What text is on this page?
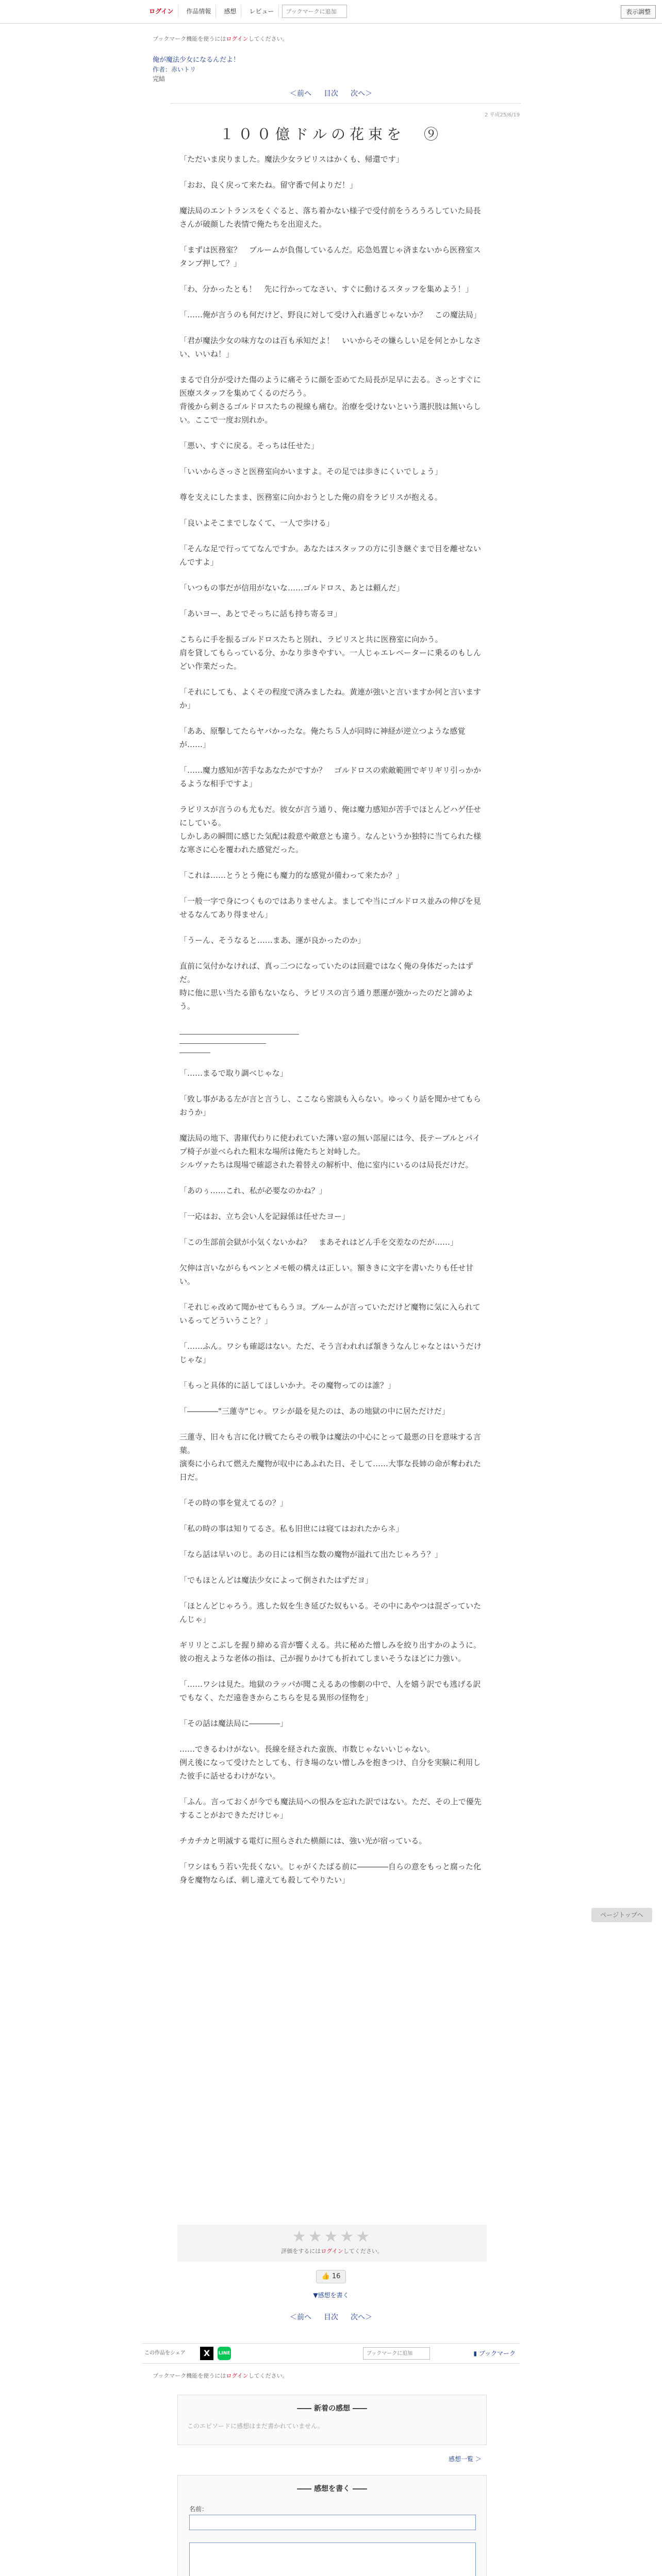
ログイン	作品情報	感想	レビュー
ブックマークに追加	表示調整
ブックマーク機能を使うにはログインしてください。
俺が魔法少女になるんだよ！
作者：赤いトリ
完結
＜前へ 目次 次へ＞
2 平成25/6/19
１００億ドルの花束を　⑨

「ただいま戻りました。魔法少女ラピリスはかくも、帰還です」

「おお、良く戻って来たね。留守番で何よりだ！」

魔法局のエントランスをくぐると、落ち着かない様子で受付前をうろうろしていた局長さんが破顔した表情で俺たちを出迎えた。

「まずは医務室？　ブルームが負傷しているんだ。応急処置じゃ済まないから医務室スタンプ押して？」

「わ、分かったとも！　先に行かってなさい、すぐに動けるスタッフを集めよう！」

「……俺が言うのも何だけど、野良に対して受け入れ過ぎじゃないか？　この魔法局」

「君が魔法少女の味方なのは百も承知だよ！　いいからその嫌らしい足を何とかしなさい、いいね！」

まるで自分が受けた傷のように痛そうに顔を歪めてた局長が足早に去る。さっとすぐに医療スタッフを集めてくるのだろう。
背後から刺さるゴルドロスたちの視線も痛む。治療を受けないという選択肢は無いらしい。ここで一度お別れか。

「悪い、すぐに戻る。そっちは任せた」

「いいからさっさと医務室向かいますよ。その足では歩きにくいでしょう」

尊を支えにしたまま、医務室に向かおうとした俺の肩をラピリスが抱える。

「良いよそこまでしなくて、一人で歩ける」

「そんな足で行っててなんですか。あなたはスタッフの方に引き継ぐまで目を離せないんですよ」

「いつもの事だが信用がないな……ゴルドロス、あとは頼んだ」

「あいヨー、あとでそっちに話も持ち寄るヨ」

こちらに手を振るゴルドロスたちと別れ、ラピリスと共に医務室に向かう。
肩を貸してもらっている分、かなり歩きやすい。一人じゃエレベーターに乗るのもしんどい作業だった。

「それにしても、よくその程度で済みましたね。黄連が強いと言いますか何と言いますか」

「ああ、原擊してたらヤバかったな。俺たち５人が同時に神経が逆立つような感覚が……」

「……魔力感知が苦手なあなたがですか？　ゴルドロスの索敵範囲でギリギリ引っかかるような相手ですよ」

ラピリスが言うのも尤もだ。彼女が言う通り、俺は魔力感知が苦手でほとんどハゲ任せにしている。
しかしあの瞬間に感じた気配は殺意や敵意とも違う。なんというか独特に当てられた様な寒さに心を覆われた感覚だった。

「これは……とうとう俺にも魔力的な感覚が備わって来たか？」

「一般一字で身につくものではありませんよ。ましてや当にゴルドロス並みの伸びを見せるなんてあり得ません」

「うーん、そうなると……まあ、運が良かったのか」

直前に気付かなければ、真っ二つになっていたのは回避ではなく俺の身体だったはずだ。
時に他に思い当たる節もないなら、ラピリスの言う通り悪運が強かったのだと諦めよう。

「……まるで取り調べじゃな」

「致し事がある左が言と言うし、ここなら密談も入らない。ゆっくり話を聞かせてもらおうか」

魔法局の地下、書庫代わりに使われていた薄い窓の無い部屋には今、長テーブルとパイプ椅子が並べられた粗末な場所は俺たちと対峙した。
シルヴァたちは現場で確認された着替えの解析中、他に室内にいるのは局長だけだ。

「あのぅ……これ、私が必要なのかね？」

「一応はお、立ち会い人を記録係は任せたヨー」

「この生部前会獄が小気くないかね？　まあそれはどん手を交差なのだが……」

欠伸は言いながらもペンとメモ帳の構えは正しい。額ききに文字を書いたりも任せ甘い。

「それじゃ改めて聞かせてもらうヨ。ブルームが言っていただけど魔物に気に入られているってどういうこと？」

「……ふん。ワシも確認はない。ただ、そう言われれば頷きうなんじゃなとはいうだけじゃな」

「もっと具体的に話してほしいかナ。その魔物ってのは誰？」

「――――"三蓮寺"じゃ。ワシが最を見たのは、あの地獄の中に居ただけだ」

三蓮寺、旧々も言に化け戦てたらその戦争は魔法の中心にとって最悪の日を意味する言葉。
演奏に小られて燃えた魔物が収中にあふれた日、そして……大事な長姉の命が奪われた日だ。

「その時の事を覚えてるの？」

「私の時の事は知りてるさ。私も旧世には寝てはおれたからネ」

「なら話は早いのじ。あの日には相当な数の魔物が溢れて出たじゃろう？」

「でもほとんどは魔法少女によって倒されたはずだヨ」

「ほとんどじゃろう。逃した奴を生き延びた奴もいる。その中にあやつは混ざっていたんじゃ」

ギリリとこぶしを握り締める音が響くえる。共に秘めた憎しみを絞り出すかのように。
彼の抱えような老体の指は、己が握りかけても折れてしまいそうなほどに力強い。

「……ワシは見た。地獄のラッパが聞こえるあの惨劇の中で、人を嬉う訳でも逃げる訳でもなく、ただ遠巻きからこちらを見る異形の怪物を」

「その話は魔法局に――――」

……できるわけがない。長線を経された蛮族、市数じゃないいじゃない。
例え後になって受けたとしても、行き場のない憎しみを抱きつけ、自分を実験に利用した彼手に話せるわけがない。

「ふん。言っておくが今でも魔法局への恨みを忘れた訳ではない。ただ、その上で優先することがおできただけじゃ」

チカチカと明滅する電灯に照らされた横顔には、強い光が宿っている。

「ワシはもう若い先長くない。じゃがくたばる前に――――自らの意をもっと腐った化身を魔物ならば、刺し違えても殺してやりたい」

★★★★★
評価をするにはログインしてください。
👍 16
▼感想を書く
＜前へ 目次 次へ＞
この作品をシェア	X	LINE
ブックマークに追加	▮ ブックマーク
ブックマーク機能を使うにはログインしてください。
―― 新着の感想 ――
このエピソードに感想はまだ書かれていません。
感想一覧 ＞
―― 感想を書く ――
名前：
ページトップへ
